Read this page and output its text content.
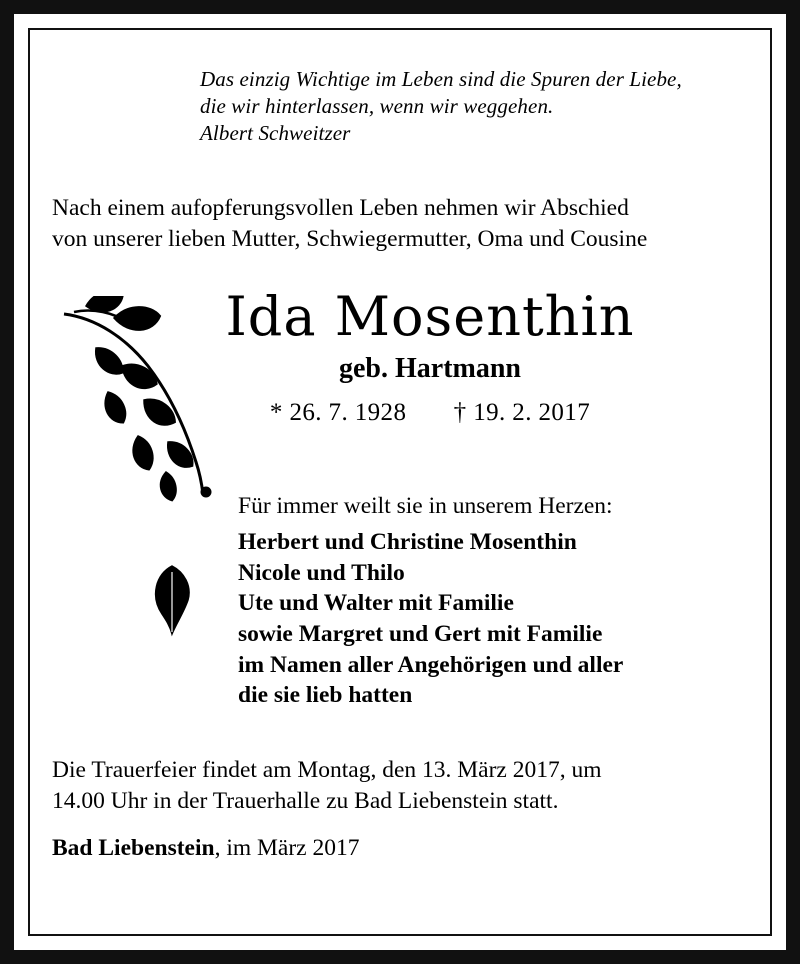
Das einzig Wichtige im Leben sind die Spuren der Liebe,
die wir hinterlassen, wenn wir weggehen.
Albert Schweitzer
Nach einem aufopferungsvollen Leben nehmen wir Abschied
von unserer lieben Mutter, Schwiegermutter, Oma und Cousine
Ida Mosenthin
geb. Hartmann
* 26. 7. 1928 † 19. 2. 2017
Für immer weilt sie in unserem Herzen:
Herbert und Christine Mosenthin
Nicole und Thilo
Ute und Walter mit Familie
sowie Margret und Gert mit Familie
im Namen aller Angehörigen und aller
die sie lieb hatten
Die Trauerfeier findet am Montag, den 13. März 2017, um
14.00 Uhr in der Trauerhalle zu Bad Liebenstein statt.
Bad Liebenstein, im März 2017
